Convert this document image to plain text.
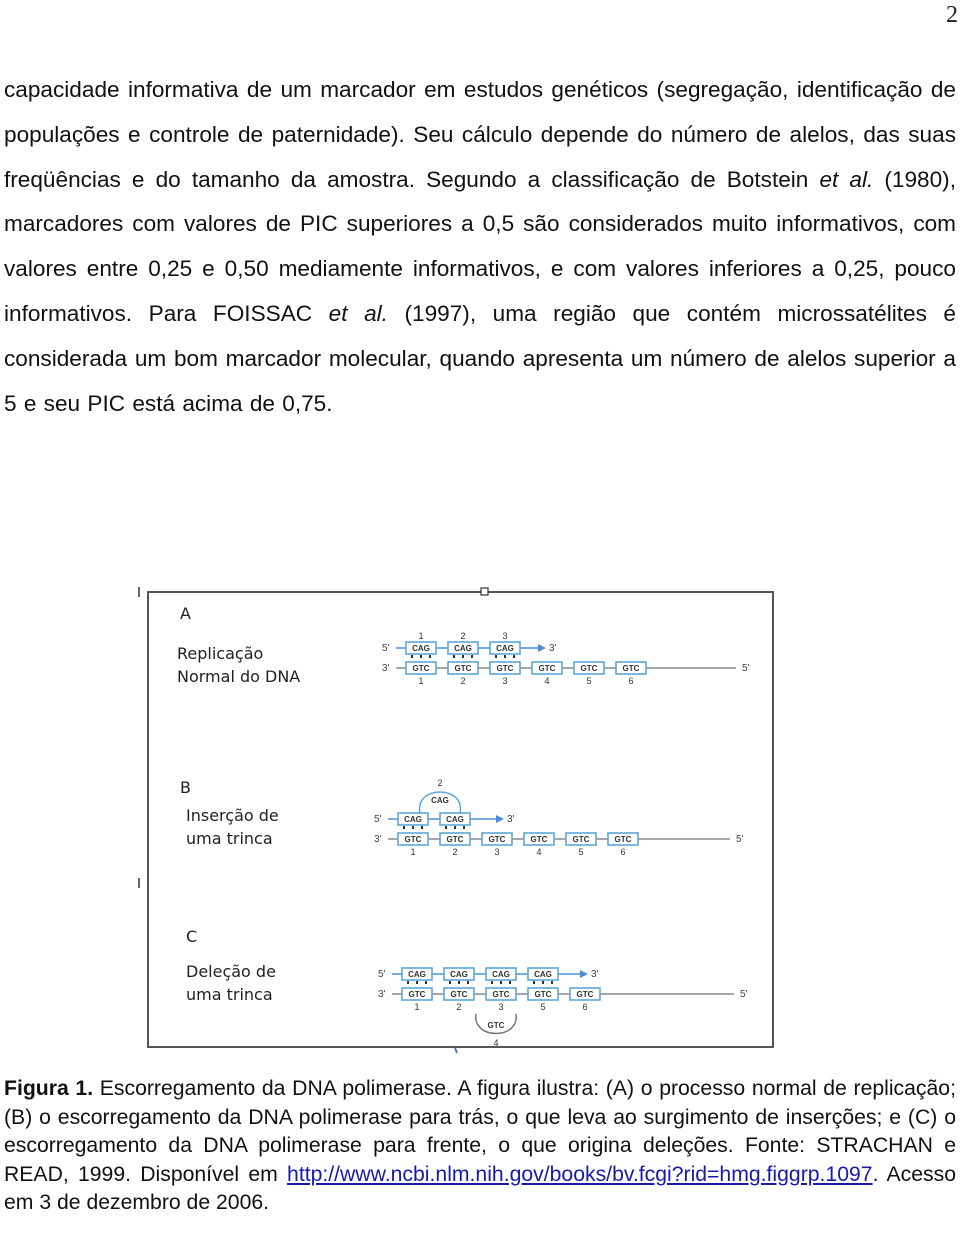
2
capacidade informativa de um marcador em estudos genéticos (segregação, identificação de populações e controle de paternidade). Seu cálculo depende do número de alelos, das suas freqüências e do tamanho da amostra. Segundo a classificação de Botstein et al. (1980), marcadores com valores de PIC superiores a 0,5 são considerados muito informativos, com valores entre 0,25 e 0,50 mediamente informativos, e com valores inferiores a 0,25, pouco informativos. Para FOISSAC et al. (1997), uma região que contém microssatélites é considerada um bom marcador molecular, quando apresenta um número de alelos superior a 5 e seu PIC está acima de 0,75.
A
Replicação
Normal do DNA
B
Inserção de
uma trinca
C
Deleção de
uma trinca
5'
3'	5'
3'
CAG
1
CAG
2
CAG
3
GTC
1
GTC
2
GTC
3
GTC
4
GTC
5
GTC
6
5'
3'	5'
3'
CAG	CAG
GTC
1
GTC
2
GTC
3
GTC
4
GTC
5
GTC
6
CAG
2
5'
3'	5'
3'
CAG	CAG	CAG	CAG
GTC
1
GTC
2
GTC
3
GTC
5
GTC
6
GTC
4
Figura 1. Escorregamento da DNA polimerase. A figura ilustra: (A) o processo normal de replicação; (B) o escorregamento da DNA polimerase para trás, o que leva ao surgimento de inserções; e (C) o escorregamento da DNA polimerase para frente, o que origina deleções. Fonte: STRACHAN e READ, 1999. Disponível em http://www.ncbi.nlm.nih.gov/books/bv.fcgi?rid=hmg.figgrp.1097. Acesso em 3 de dezembro de 2006.
